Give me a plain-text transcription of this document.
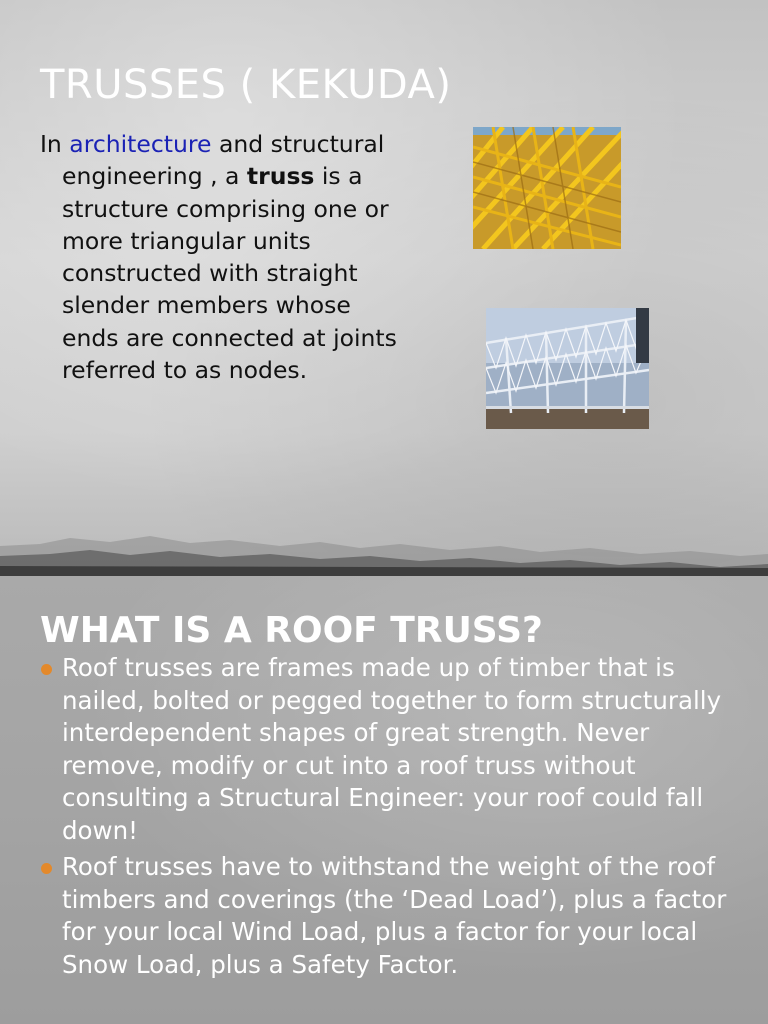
TRUSSES ( KEKUDA)

In architecture and structural engineering , a truss is a structure comprising one or more triangular units constructed with straight slender members whose ends are connected at joints referred to as nodes.

WHAT IS A ROOF TRUSS?
Roof trusses are frames made up of timber that is nailed, bolted or pegged together to form structurally interdependent shapes of great strength. Never remove, modify or cut into a roof truss without consulting a Structural Engineer: your roof could fall down!
Roof trusses have to withstand the weight of the roof timbers and coverings (the ‘Dead Load’), plus a factor for your local Wind Load, plus a factor for your local Snow Load, plus a Safety Factor.
